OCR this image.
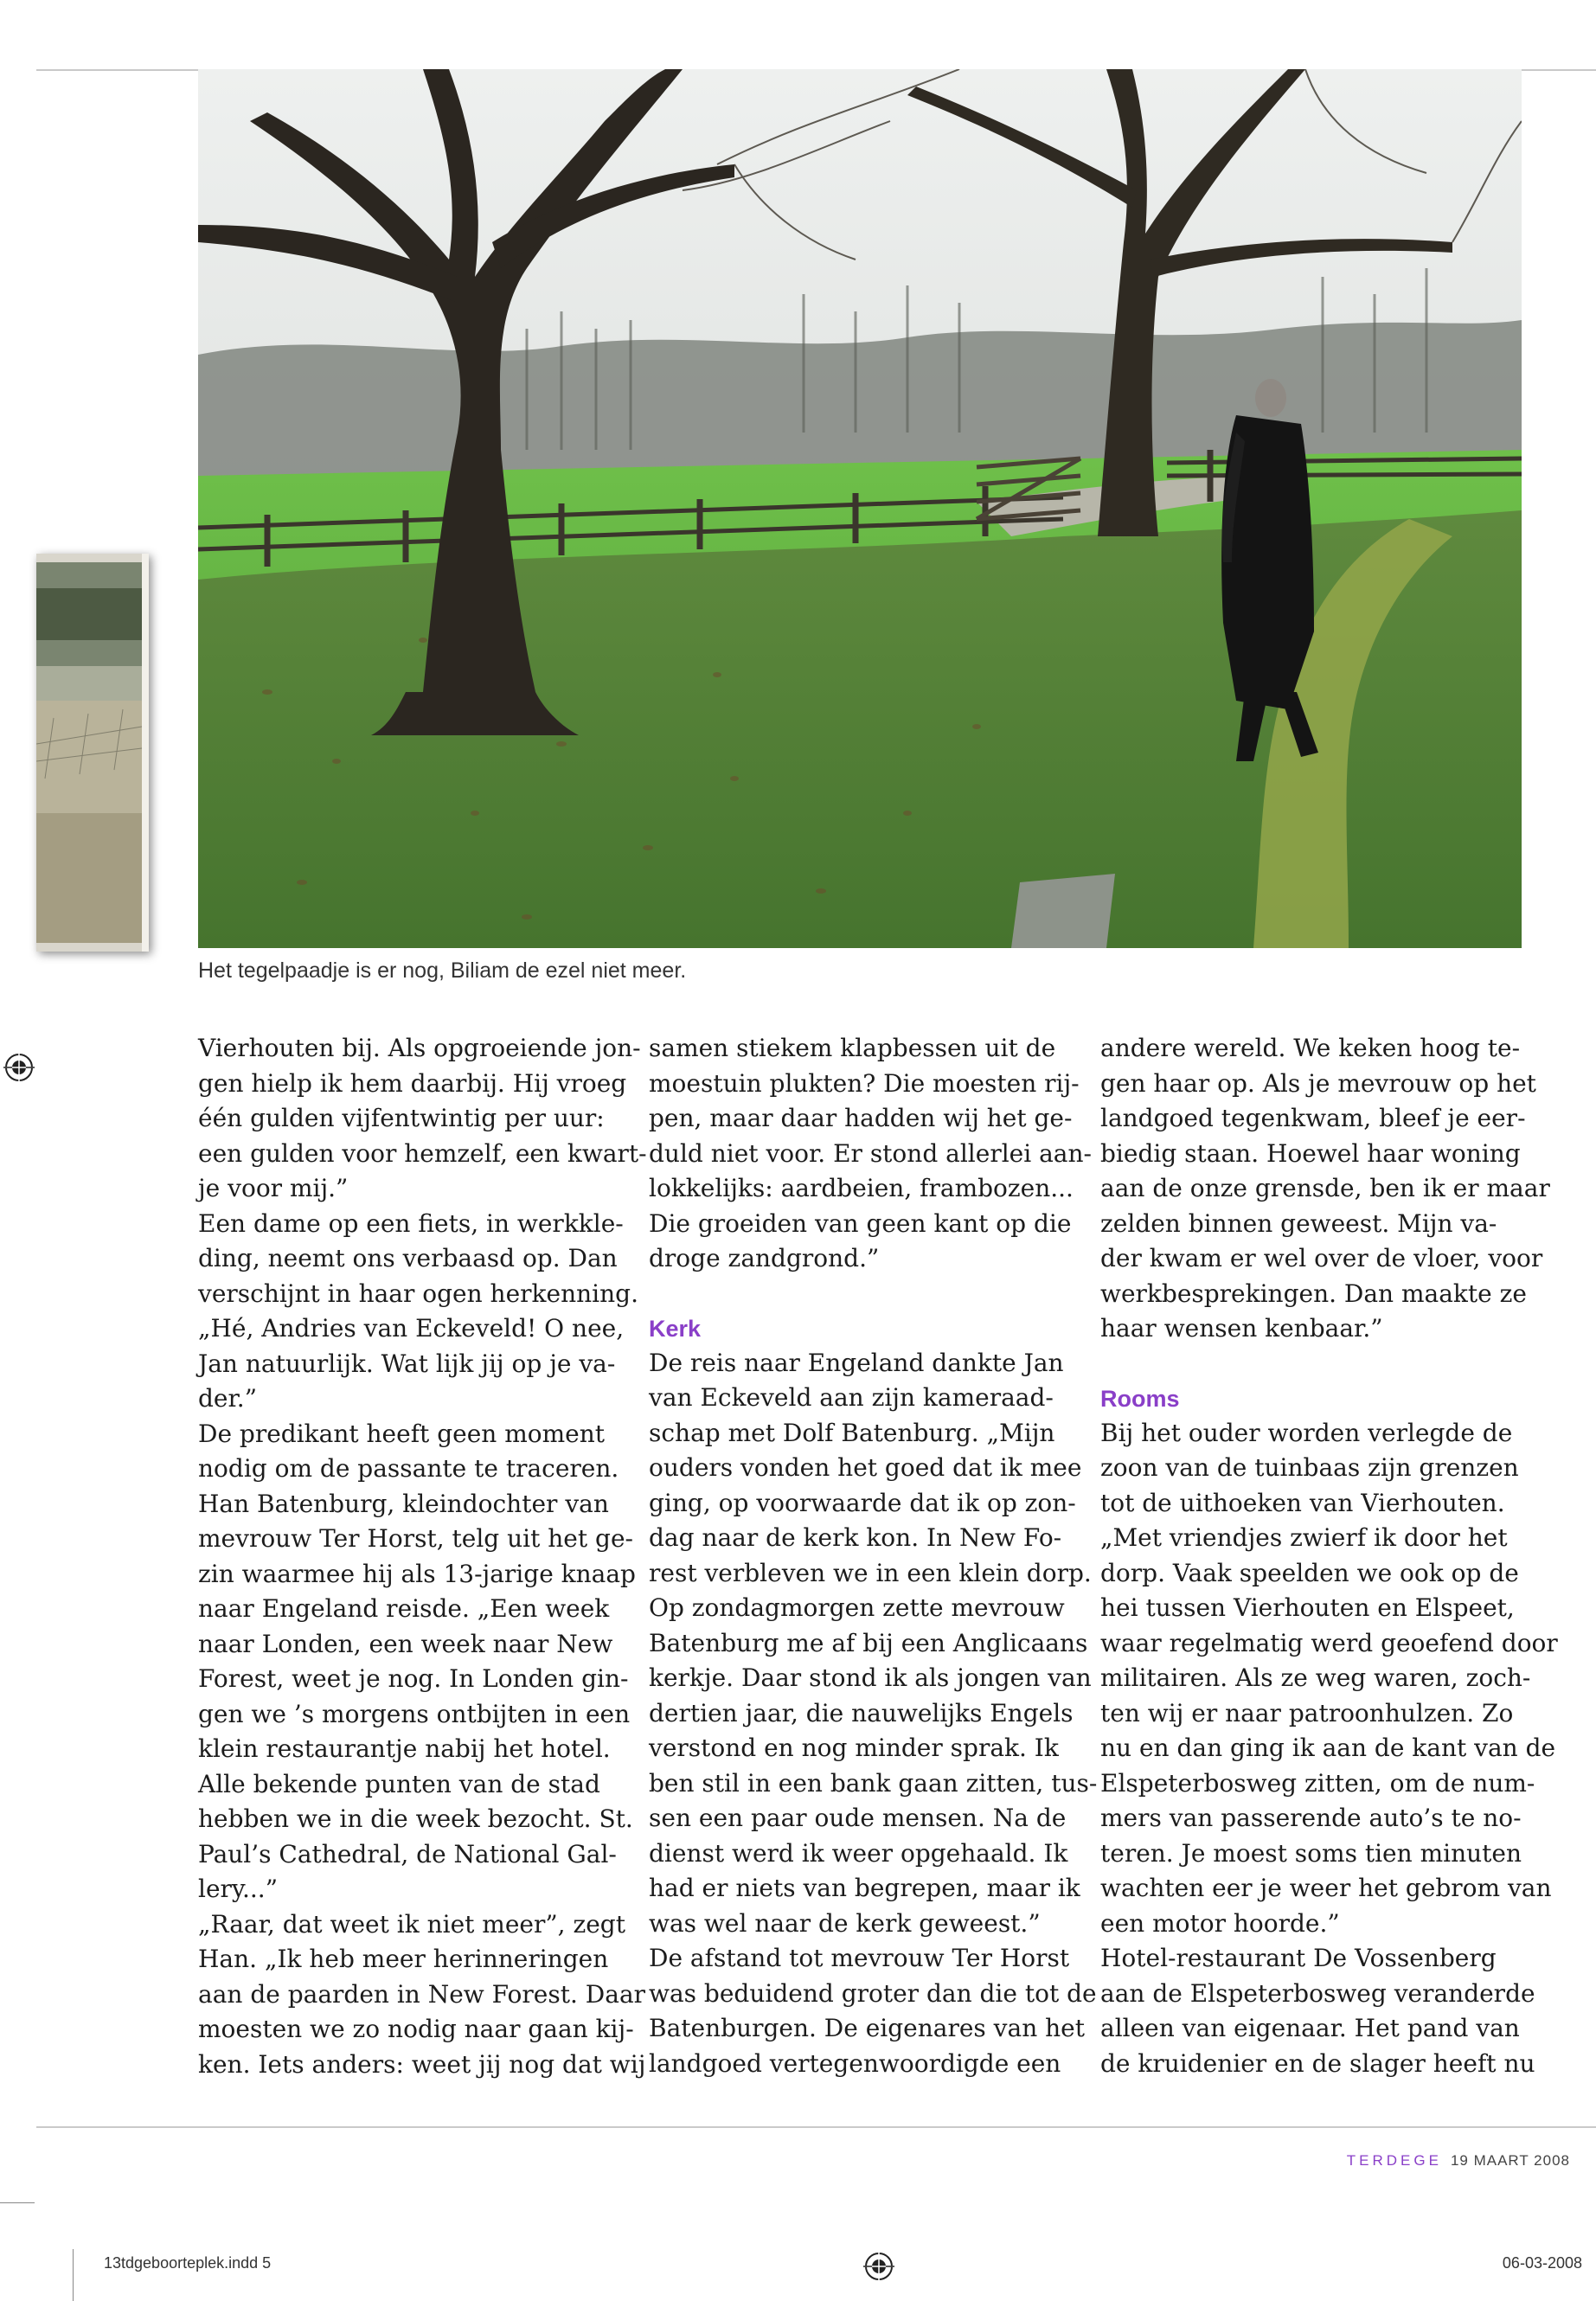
Het tegelpaadje is er nog, Biliam de ezel niet meer.

Vierhouten bij. Als opgroeiende jon-
gen hielp ik hem daarbij. Hij vroeg
één gulden vijfentwintig per uur:
een gulden voor hemzelf, een kwart-
je voor mij.”

Een dame op een fiets, in werkkle-
ding, neemt ons verbaasd op. Dan
verschijnt in haar ogen herkenning.
„Hé, Andries van Eckeveld! O nee,
Jan natuurlijk. Wat lijk jij op je va-
der.”

De predikant heeft geen moment
nodig om de passante te traceren.
Han Batenburg, kleindochter van
mevrouw Ter Horst, telg uit het ge-
zin waarmee hij als 13-jarige knaap
naar Engeland reisde. „Een week
naar Londen, een week naar New
Forest, weet je nog. In Londen gin-
gen we ’s morgens ontbijten in een
klein restaurantje nabij het hotel.
Alle bekende punten van de stad
hebben we in die week bezocht. St.
Paul’s Cathedral, de National Gal-
lery...”

„Raar, dat weet ik niet meer”, zegt
Han. „Ik heb meer herinneringen
aan de paarden in New Forest. Daar
moesten we zo nodig naar gaan kij-
ken. Iets anders: weet jij nog dat wij

samen stiekem klapbessen uit de
moestuin plukten? Die moesten rij-
pen, maar daar hadden wij het ge-
duld niet voor. Er stond allerlei aan-
lokkelijks: aardbeien, frambozen...
Die groeiden van geen kant op die
droge zandgrond.”

Kerk

De reis naar Engeland dankte Jan
van Eckeveld aan zijn kameraad-
schap met Dolf Batenburg. „Mijn
ouders vonden het goed dat ik mee
ging, op voorwaarde dat ik op zon-
dag naar de kerk kon. In New Fo-
rest verbleven we in een klein dorp.
Op zondagmorgen zette mevrouw
Batenburg me af bij een Anglicaans
kerkje. Daar stond ik als jongen van
dertien jaar, die nauwelijks Engels
verstond en nog minder sprak. Ik
ben stil in een bank gaan zitten, tus-
sen een paar oude mensen. Na de
dienst werd ik weer opgehaald. Ik
had er niets van begrepen, maar ik
was wel naar de kerk geweest.”

De afstand tot mevrouw Ter Horst
was beduidend groter dan die tot de
Batenburgen. De eigenares van het
landgoed vertegenwoordigde een

andere wereld. We keken hoog te-
gen haar op. Als je mevrouw op het
landgoed tegenkwam, bleef je eer-
biedig staan. Hoewel haar woning
aan de onze grensde, ben ik er maar
zelden binnen geweest. Mijn va-
der kwam er wel over de vloer, voor
werkbesprekingen. Dan maakte ze
haar wensen kenbaar.”

Rooms

Bij het ouder worden verlegde de
zoon van de tuinbaas zijn grenzen
tot de uithoeken van Vierhouten.
„Met vriendjes zwierf ik door het
dorp. Vaak speelden we ook op de
hei tussen Vierhouten en Elspeet,
waar regelmatig werd geoefend door
militairen. Als ze weg waren, zoch-
ten wij er naar patroonhulzen. Zo
nu en dan ging ik aan de kant van de
Elspeterbosweg zitten, om de num-
mers van passerende auto’s te no-
teren. Je moest soms tien minuten
wachten eer je weer het gebrom van
een motor hoorde.”

Hotel-restaurant De Vossenberg
aan de Elspeterbosweg veranderde
alleen van eigenaar. Het pand van
de kruidenier en de slager heeft nu

TERDEGE 19 MAART 2008
13tdgeboorteplek.indd 5	06-03-2008
